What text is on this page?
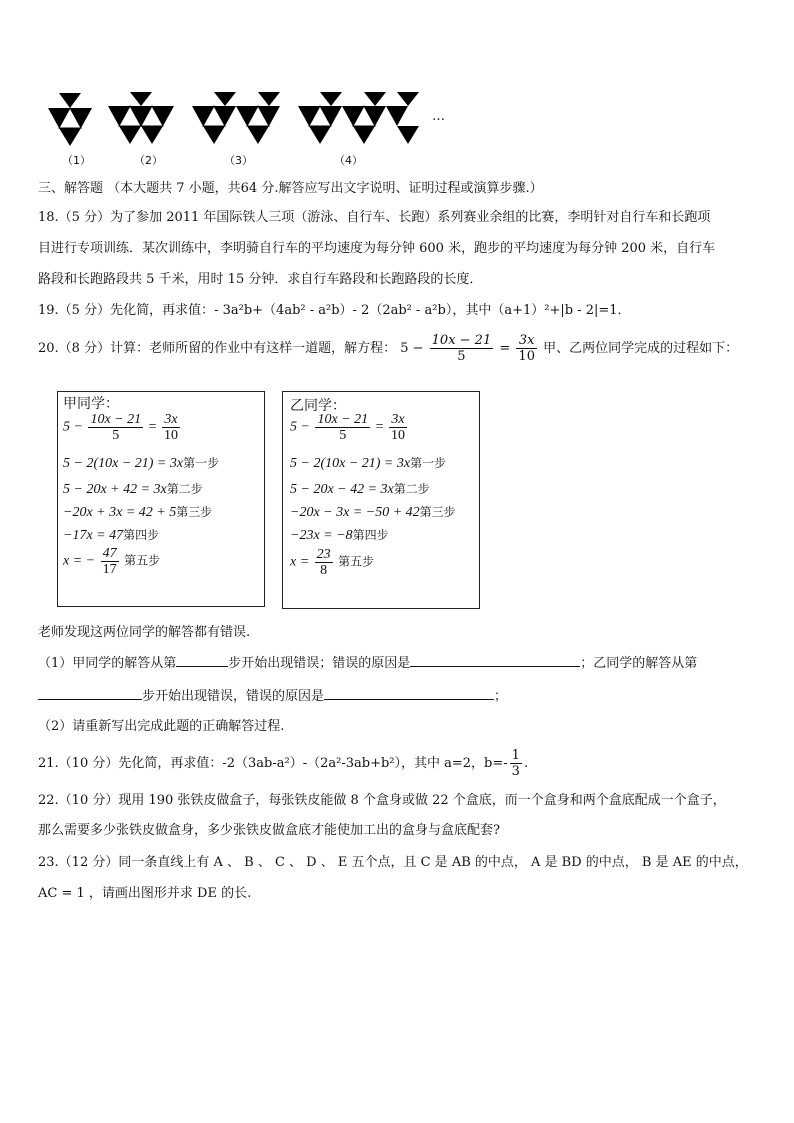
…
（1）	（2）	（3）	（4）
三、解答题 （本大题共 7 小题，共64 分.解答应写出文字说明、证明过程或演算步骤.）
18.（5 分）为了参加 2011 年国际铁人三项（游泳、自行车、长跑）系列赛业余组的比赛，李明针对自行车和长跑项
目进行专项训练．某次训练中，李明骑自行车的平均速度为每分钟 600 米，跑步的平均速度为每分钟 200 米，自行车
路段和长跑路段共 5 千米，用时 15 分钟．求自行车路段和长跑路段的长度．
19.（5 分）先化简，再求值：- 3a²b+（4ab² - a²b）- 2（2ab² - a²b），其中（a+1）²+|b - 2|=1．
20.（8 分）计算：老师所留的作业中有这样一道题，解方程： $5 - \frac{10x - 21}{5} = \frac{3x}{10}$ 甲、乙两位同学完成的过程如下：
甲同学：
$5 - \frac{10x - 21}{5} = \frac{3x}{10}$
5 − 2(10x − 21) = 3x第一步
5 − 20x + 42 = 3x第二步
−20x + 3x = 42 + 5第三步
−17x = 47第四步
x = − $\frac{47}{17}$ 第五步
乙同学：
$5 - \frac{10x - 21}{5} = \frac{3x}{10}$
5 − 2(10x − 21) = 3x第一步
5 − 20x − 42 = 3x第二步
−20x − 3x = −50 + 42第三步
−23x = −8第四步
$x = \frac{23}{8}$ 第五步
老师发现这两位同学的解答都有错误.
（1）甲同学的解答从第	步开始出现错误；错误的原因是	；乙同学的解答从第
步开始出现错误，错误的原因是	；
（2）请重新写出完成此题的正确解答过程.
21.（10 分）先化简，再求值：-2（3ab-a²）-（2a²-3ab+b²），其中 a=2，$b=- \frac{1}{3}$ .
22.（10 分）现用 190 张铁皮做盒子，每张铁皮能做 8 个盒身或做 22 个盒底，而一个盒身和两个盒底配成一个盒子，
那么需要多少张铁皮做盒身，多少张铁皮做盒底才能使加工出的盒身与盒底配套?
23.（12 分）同一条直线上有 A 、 B 、 C 、 D 、 E 五个点，且 C 是 AB 的中点， A 是 BD 的中点， B 是 AE 的中点，
AC = 1 ，请画出图形并求 DE 的长.
